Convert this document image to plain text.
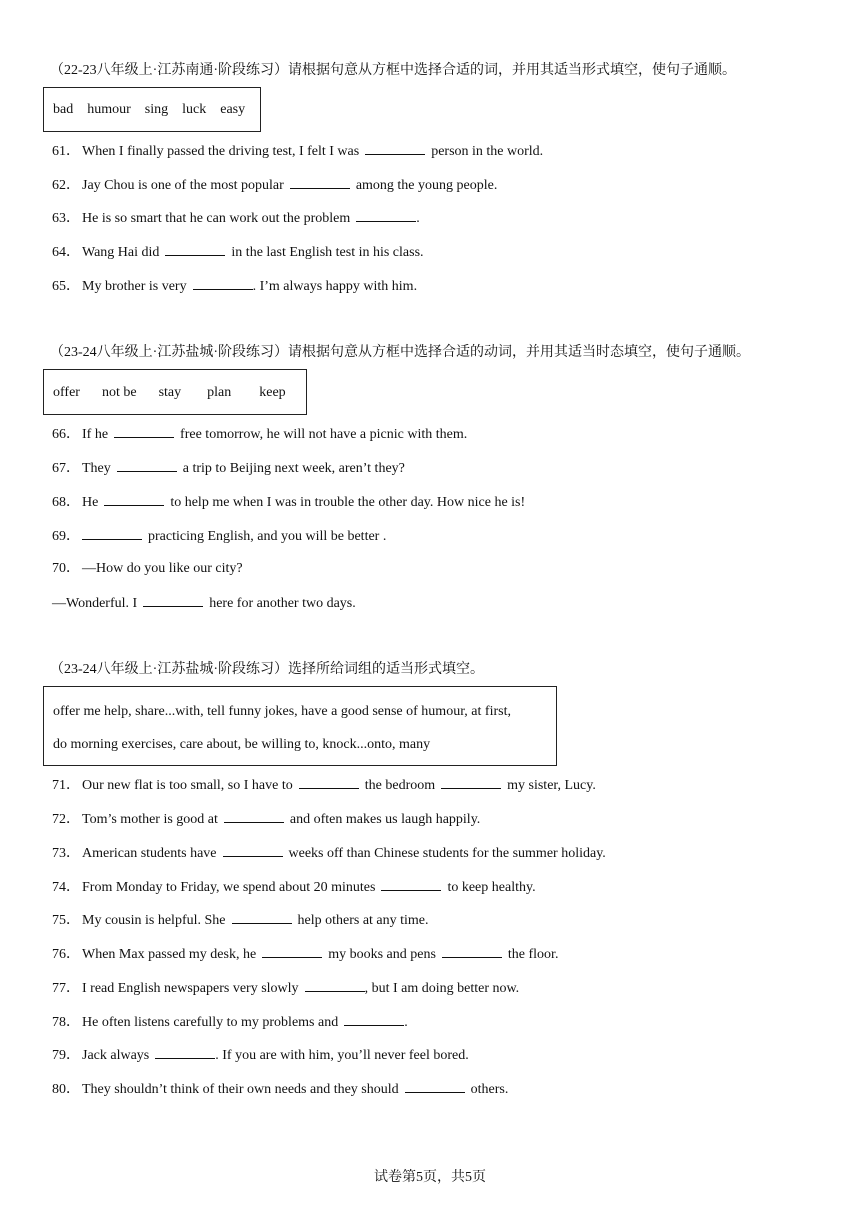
（22-23八年级上·江苏南通·阶段练习）请根据句意从方框中选择合适的词，并用其适当形式填空，使句子通顺。
bad humour sing luck easy
61． When I finally passed the driving test, I felt I was	person in the world.
62． Jay Chou is one of the most popular	among the young people.
63． He is so smart that he can work out the problem	.
64． Wang Hai did	in the last English test in his class.
65． My brother is very	. I’m always happy with him.
（23-24八年级上·江苏盐城·阶段练习）请根据句意从方框中选择合适的动词，并用其适当时态填空，使句子通顺。
offer not be stay plan keep
66． If he	free tomorrow, he will not have a picnic with them.
67． They	a trip to Beijing next week, aren’t they?
68． He	to help me when I was in trouble the other day. How nice he is!
69．	practicing English, and you will be better .
70． —How do you like our city?
—Wonderful. I	here for another two days.
（23-24八年级上·江苏盐城·阶段练习）选择所给词组的适当形式填空。
offer me help, share...with, tell funny jokes, have a good sense of humour, at first,
do morning exercises, care about, be willing to, knock...onto, many
71． Our new flat is too small, so I have to	the bedroom	my sister, Lucy.
72． Tom’s mother is good at	and often makes us laugh happily.
73． American students have	weeks off than Chinese students for the summer holiday.
74． From Monday to Friday, we spend about 20 minutes	to keep healthy.
75． My cousin is helpful. She	help others at any time.
76． When Max passed my desk, he	my books and pens	the floor.
77． I read English newspapers very slowly	, but I am doing better now.
78． He often listens carefully to my problems and	.
79． Jack always	. If you are with him, you’ll never feel bored.
80． They shouldn’t think of their own needs and they should	others.
试卷第5页，共5页
